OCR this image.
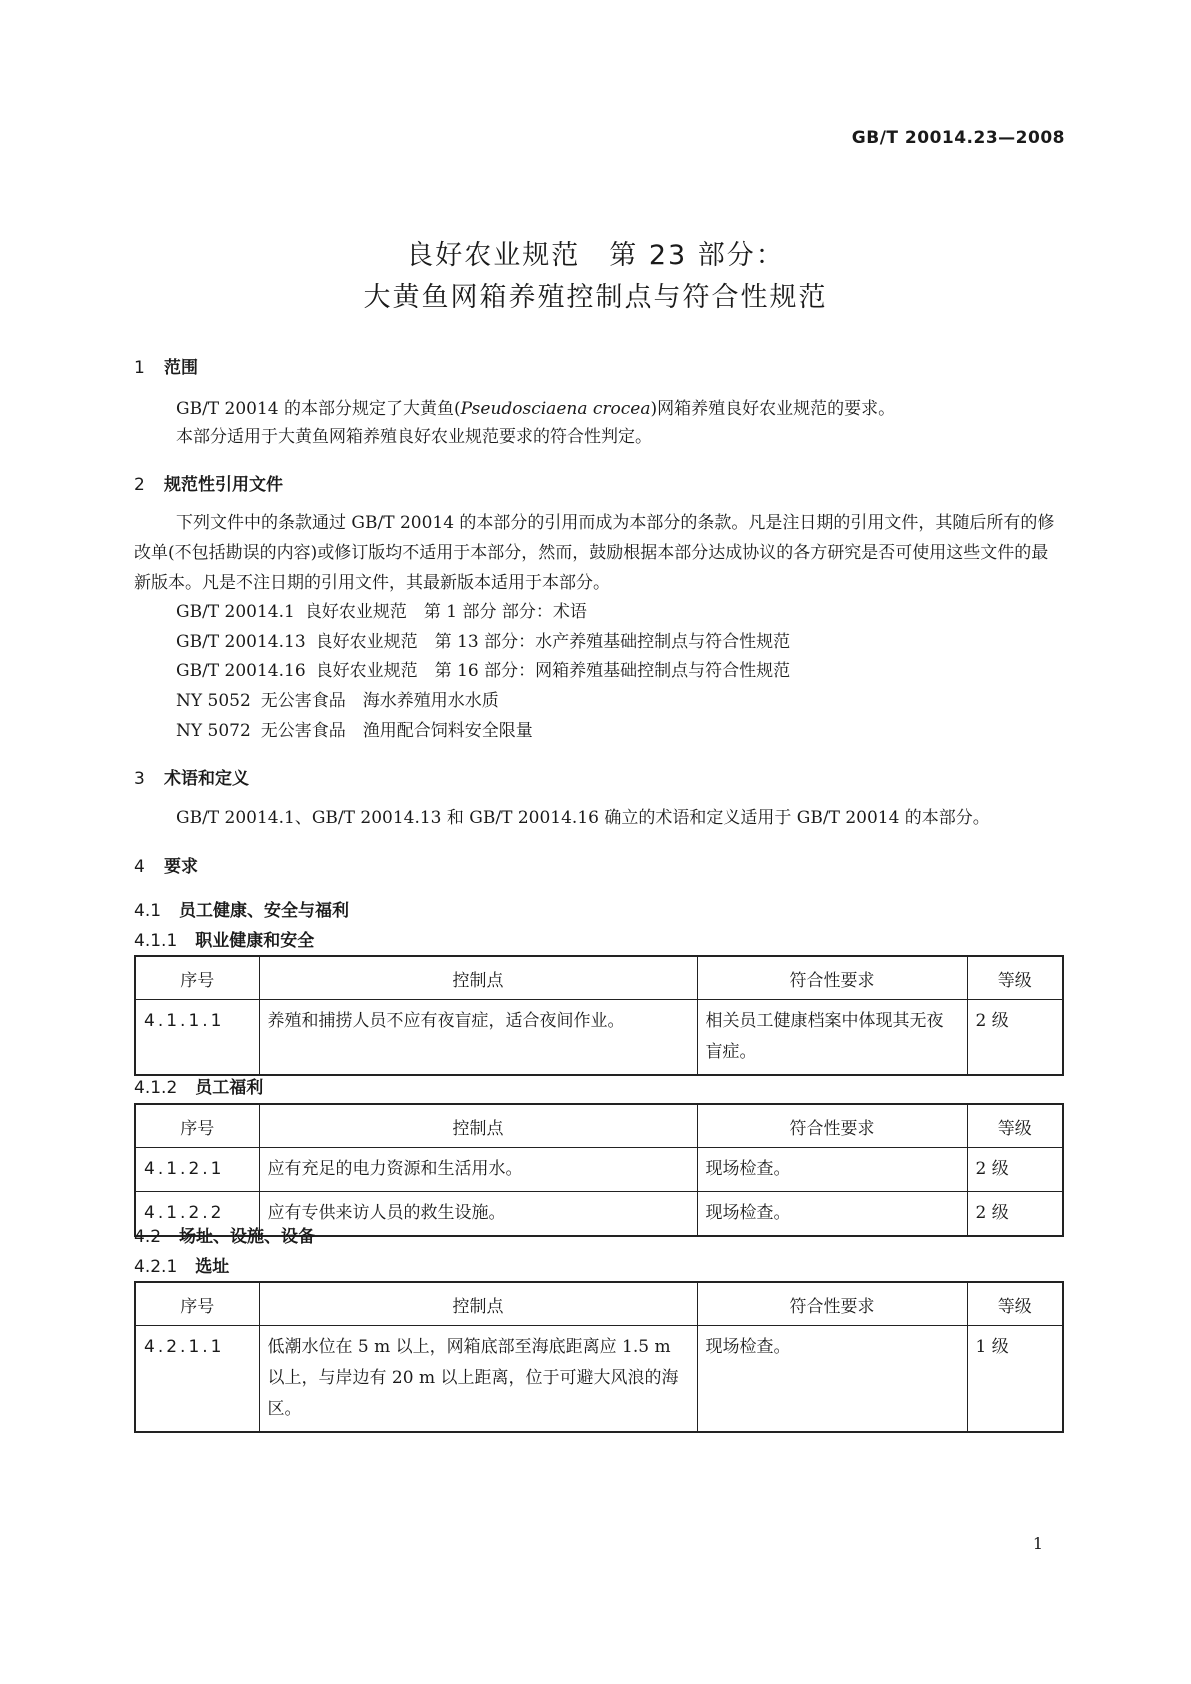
GB/T 20014.23—2008
良好农业规范　第 23 部分：
大黄鱼网箱养殖控制点与符合性规范
1 范围
GB/T 20014 的本部分规定了大黄鱼(Pseudosciaena crocea)网箱养殖良好农业规范的要求。
本部分适用于大黄鱼网箱养殖良好农业规范要求的符合性判定。
2 规范性引用文件
下列文件中的条款通过 GB/T 20014 的本部分的引用而成为本部分的条款。凡是注日期的引用文件，其随后所有的修改单(不包括勘误的内容)或修订版均不适用于本部分，然而，鼓励根据本部分达成协议的各方研究是否可使用这些文件的最新版本。凡是不注日期的引用文件，其最新版本适用于本部分。
GB/T 20014.1 良好农业规范　第 1 部分 部分：术语
GB/T 20014.13 良好农业规范　第 13 部分：水产养殖基础控制点与符合性规范
GB/T 20014.16 良好农业规范　第 16 部分：网箱养殖基础控制点与符合性规范
NY 5052 无公害食品　海水养殖用水水质
NY 5072 无公害食品　渔用配合饲料安全限量
3 术语和定义
GB/T 20014.1、GB/T 20014.13 和 GB/T 20014.16 确立的术语和定义适用于 GB/T 20014 的本部分。
4 要求
4.1 员工健康、安全与福利
4.1.1 职业健康和安全
序号	控制点	符合性要求	等级
4.1.1.1	养殖和捕捞人员不应有夜盲症，适合夜间作业。	相关员工健康档案中体现其无夜盲症。	2 级
4.1.2 员工福利
序号	控制点	符合性要求	等级
4.1.2.1	应有充足的电力资源和生活用水。	现场检查。	2 级
4.1.2.2	应有专供来访人员的救生设施。	现场检查。	2 级
4.2 场址、设施、设备
4.2.1 选址
序号	控制点	符合性要求	等级
4.2.1.1	低潮水位在 5 m 以上，网箱底部至海底距离应 1.5 m 以上，与岸边有 20 m 以上距离，位于可避大风浪的海区。	现场检查。	1 级
1
